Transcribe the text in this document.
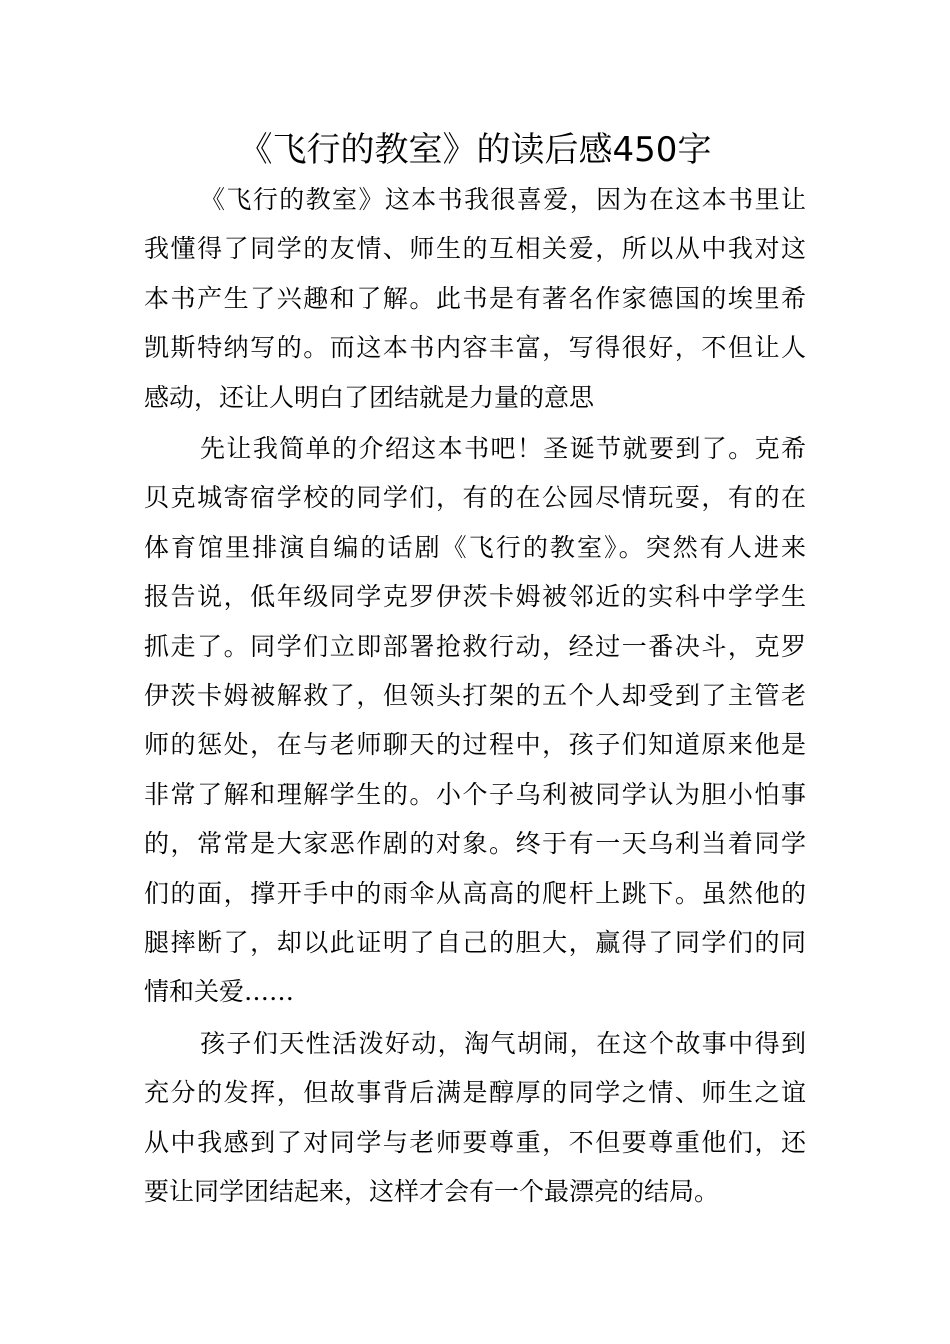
《飞行的教室》的读后感450字
《飞行的教室》这本书我很喜爱，因为在这本书里让
我懂得了同学的友情、师生的互相关爱，所以从中我对这
本书产生了兴趣和了解。此书是有著名作家德国的埃里希
凯斯特纳写的。而这本书内容丰富，写得很好，不但让人
感动，还让人明白了团结就是力量的意思
先让我简单的介绍这本书吧！圣诞节就要到了。克希
贝克城寄宿学校的同学们，有的在公园尽情玩耍，有的在
体育馆里排演自编的话剧《飞行的教室》。突然有人进来
报告说，低年级同学克罗伊茨卡姆被邻近的实科中学学生
抓走了。同学们立即部署抢救行动，经过一番决斗，克罗
伊茨卡姆被解救了，但领头打架的五个人却受到了主管老
师的惩处，在与老师聊天的过程中，孩子们知道原来他是
非常了解和理解学生的。小个子乌利被同学认为胆小怕事
的，常常是大家恶作剧的对象。终于有一天乌利当着同学
们的面，撑开手中的雨伞从高高的爬杆上跳下。虽然他的
腿摔断了，却以此证明了自己的胆大，赢得了同学们的同
情和关爱……
孩子们天性活泼好动，淘气胡闹，在这个故事中得到
充分的发挥，但故事背后满是醇厚的同学之情、师生之谊
从中我感到了对同学与老师要尊重，不但要尊重他们，还
要让同学团结起来，这样才会有一个最漂亮的结局。
